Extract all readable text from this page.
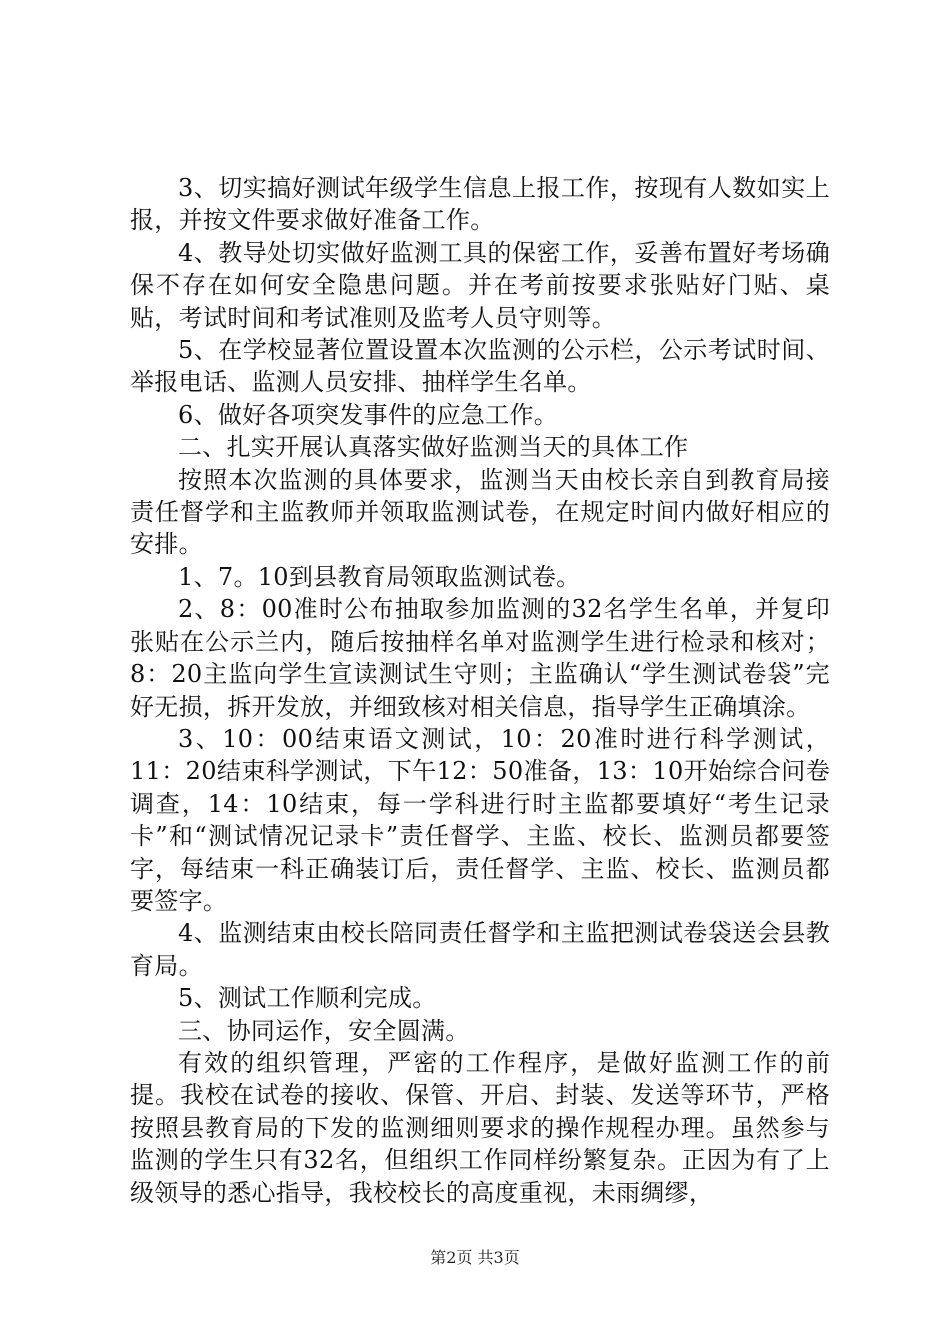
3、切实搞好测试年级学生信息上报工作，按现有人数如实上报，并按文件要求做好准备工作。

4、教导处切实做好监测工具的保密工作，妥善布置好考场确保不存在如何安全隐患问题。并在考前按要求张贴好门贴、桌贴，考试时间和考试准则及监考人员守则等。

5、在学校显著位置设置本次监测的公示栏，公示考试时间、举报电话、监测人员安排、抽样学生名单。

6、做好各项突发事件的应急工作。

二、扎实开展认真落实做好监测当天的具体工作

按照本次监测的具体要求，监测当天由校长亲自到教育局接责任督学和主监教师并领取监测试卷，在规定时间内做好相应的安排。

1、7。10到县教育局领取监测试卷。

2、8：00准时公布抽取参加监测的32名学生名单，并复印张贴在公示兰内，随后按抽样名单对监测学生进行检录和核对；8：20主监向学生宣读测试生守则；主监确认“学生测试卷袋”完好无损，拆开发放，并细致核对相关信息，指导学生正确填涂。

3、10：00结束语文测试，10：20准时进行科学测试，11：20结束科学测试，下午12：50准备，13：10开始综合问卷调查，14：10结束，每一学科进行时主监都要填好“考生记录卡”和“测试情况记录卡”责任督学、主监、校长、监测员都要签字，每结束一科正确装订后，责任督学、主监、校长、监测员都要签字。

4、监测结束由校长陪同责任督学和主监把测试卷袋送会县教育局。

5、测试工作顺利完成。

三、协同运作，安全圆满。

有效的组织管理，严密的工作程序，是做好监测工作的前提。我校在试卷的接收、保管、开启、封装、发送等环节，严格按照县教育局的下发的监测细则要求的操作规程办理。虽然参与监测的学生只有32名，但组织工作同样纷繁复杂。正因为有了上级领导的悉心指导，我校校长的高度重视，未雨绸缪，

第2页 共3页
